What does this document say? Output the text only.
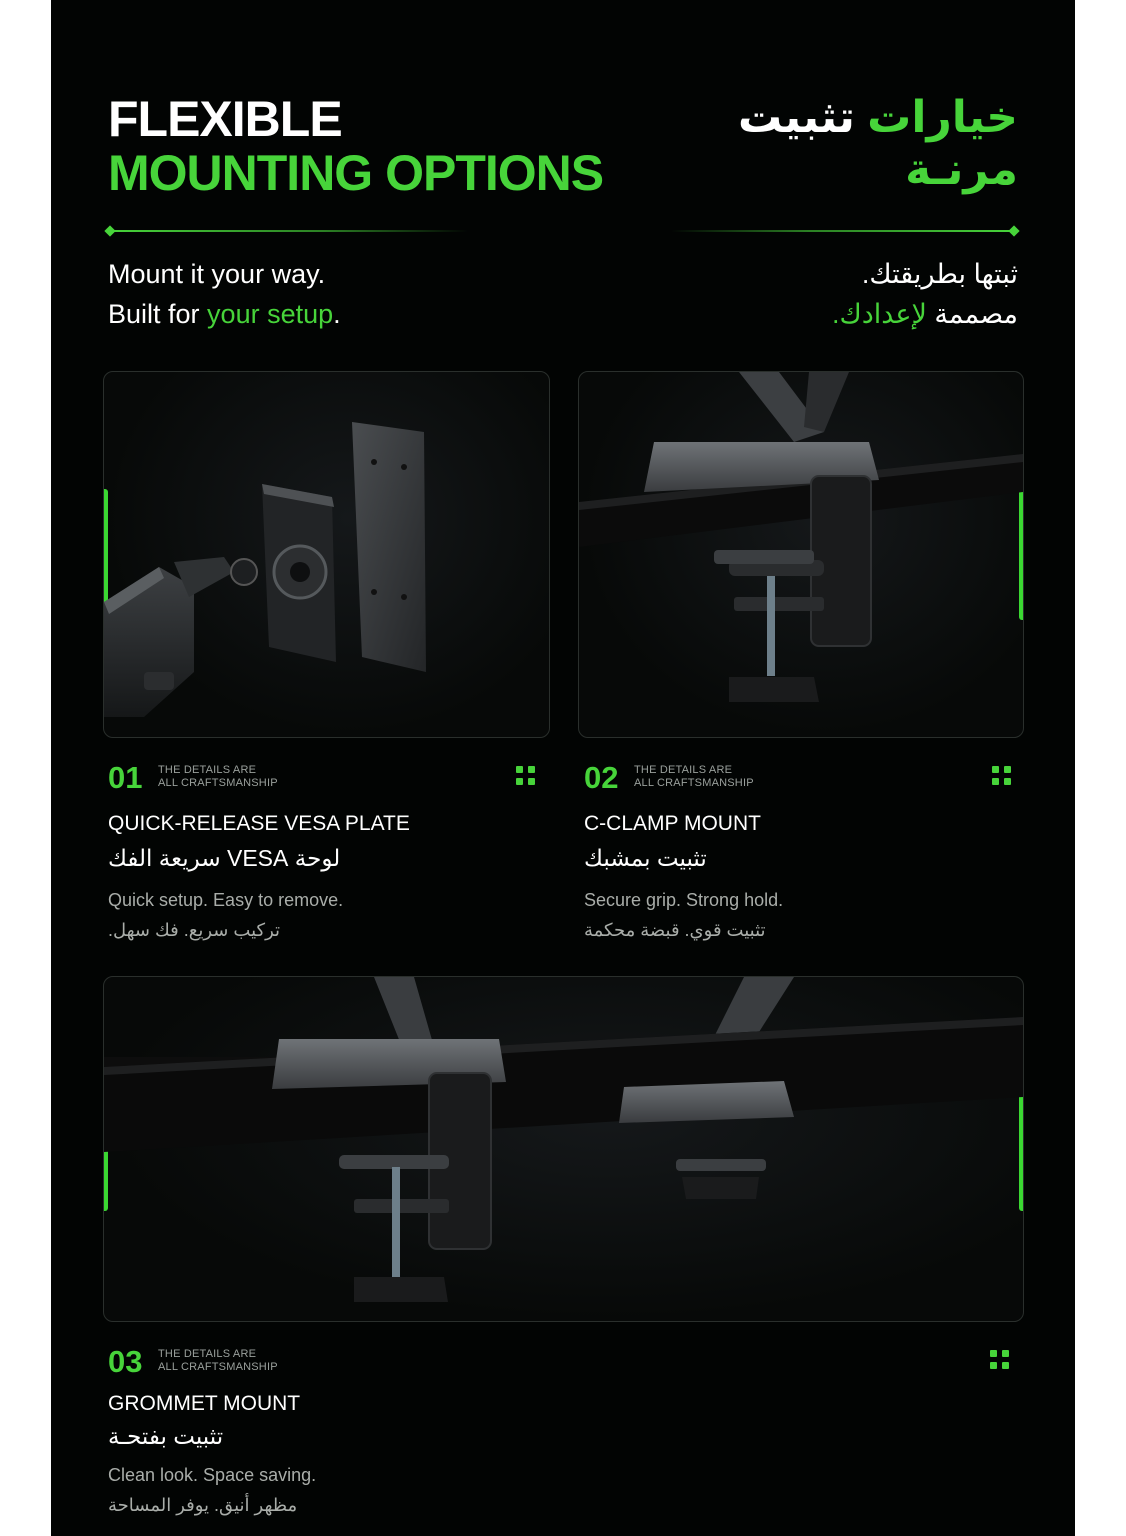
FLEXIBLE
MOUNTING OPTIONS
خيارات تثبيت
مرنـة
Mount it your way.
Built for your setup.
ثبتها بطريقتك.
مصممة لإعدادك.
01 THE DETAILS ARE
ALL CRAFTSMANSHIP
QUICK-RELEASE VESA PLATE
لوحة VESA سريعة الفك
Quick setup. Easy to remove.
تركيب سريع. فك سهل.
02 THE DETAILS ARE
ALL CRAFTSMANSHIP
C-CLAMP MOUNT
تثبيت بمشبك
Secure grip. Strong hold.
تثبيت قوي. قبضة محكمة
03 THE DETAILS ARE
ALL CRAFTSMANSHIP
GROMMET MOUNT
تثبيت بفتحـة
Clean look. Space saving.
مظهر أنيق. يوفر المساحة
